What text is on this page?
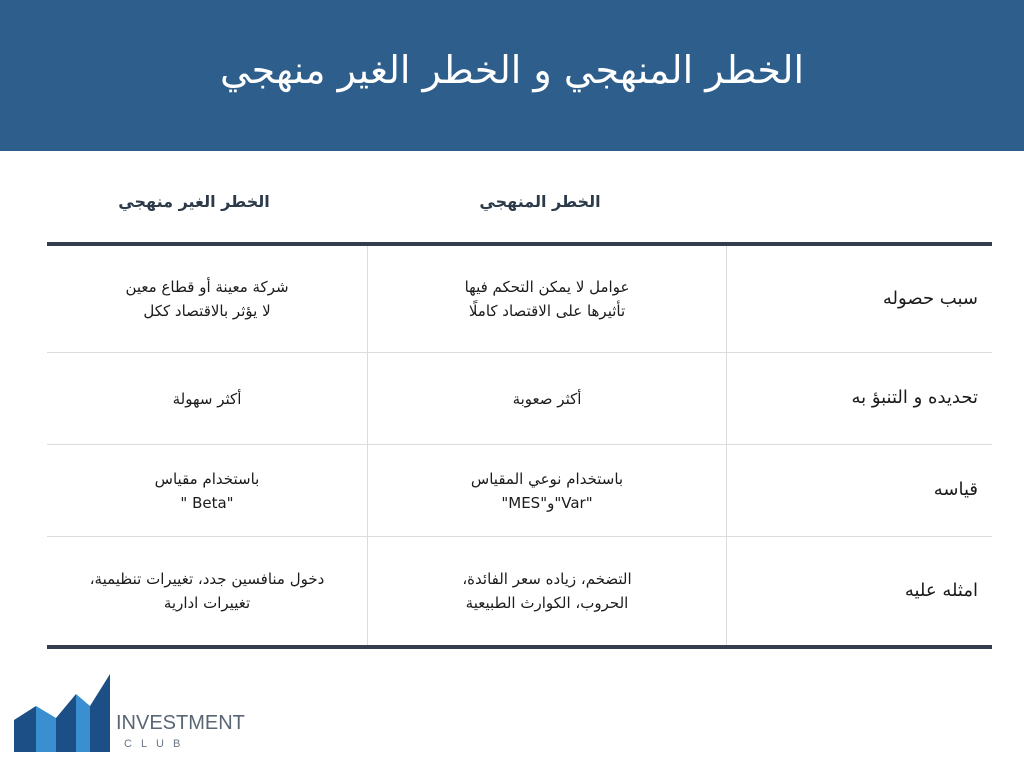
الخطر المنهجي و الخطر الغير منهجي
الخطر الغير منهجي	الخطر المنهجي
سبب حصوله
عوامل لا يمكن التحكم فيها
تأثيرها على الاقتصاد كاملًا
شركة معينة أو قطاع معين
لا يؤثر بالاقتصاد ككل
تحديده و التنبؤ به
أكثر صعوبة
أكثر سهولة
قياسه
باستخدام نوعي المقياس
"Var"و"MES"
باستخدام مقياس
"Beta "
امثله عليه
التضخم، زياده سعر الفائدة،
الحروب، الكوارث الطبيعية
دخول منافسين جدد، تغييرات تنظيمية،
تغييرات ادارية
INVESTMENT
CLUB
